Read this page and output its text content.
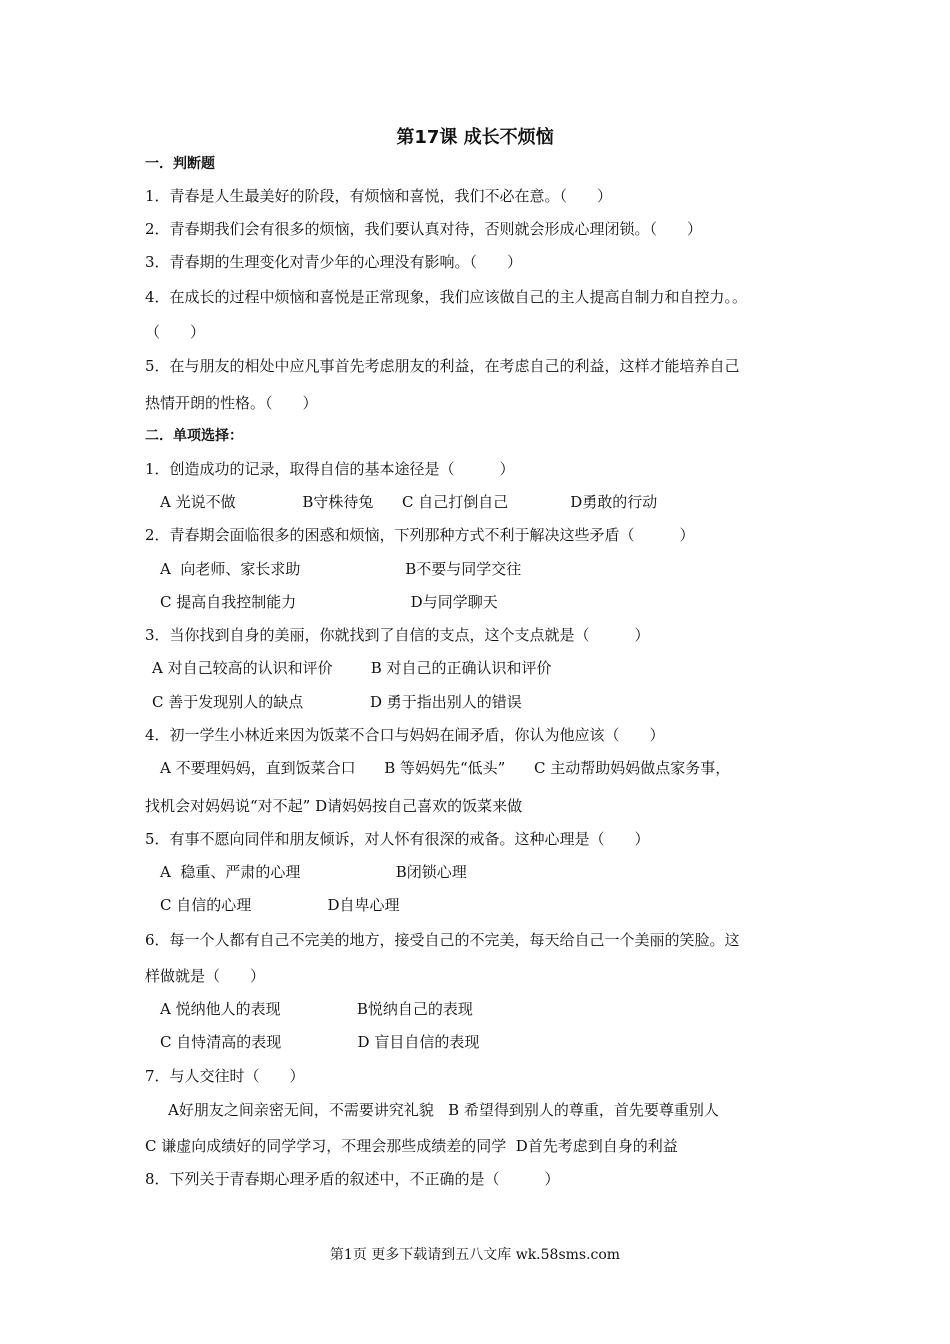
第17课 成长不烦恼
一．判断题
1．青春是人生最美好的阶段，有烦恼和喜悦，我们不必在意。（　　）
2．青春期我们会有很多的烦恼，我们要认真对待，否则就会形成心理闭锁。（　　）
3．青春期的生理变化对青少年的心理没有影响。（　　）
4．在成长的过程中烦恼和喜悦是正常现象，我们应该做自己的主人提高自制力和自控力。。
（　　）
5．在与朋友的相处中应凡事首先考虑朋友的利益，在考虑自己的利益，这样才能培养自己
热情开朗的性格。（　　）
二．单项选择：
1．创造成功的记录，取得自信的基本途径是（　　　）
A 光说不做              B守株待兔      C 自己打倒自己             D勇敢的行动
2．青春期会面临很多的困惑和烦恼，下列那种方式不利于解决这些矛盾（　　　）
A  向老师、家长求助                      B不要与同学交往
C 提高自我控制能力                        D与同学聊天
3．当你找到自身的美丽，你就找到了自信的支点，这个支点就是（　　　）
A 对自己较高的认识和评价        B 对自己的正确认识和评价
C 善于发现别人的缺点              D 勇于指出别人的错误
4．初一学生小林近来因为饭菜不合口与妈妈在闹矛盾，你认为他应该（　　）
A 不要理妈妈，直到饭菜合口      B 等妈妈先“低头”      C 主动帮助妈妈做点家务事，
找机会对妈妈说“对不起” D请妈妈按自己喜欢的饭菜来做
5．有事不愿向同伴和朋友倾诉，对人怀有很深的戒备。这种心理是（　　）
A  稳重、严肃的心理                    B闭锁心理
C 自信的心理                D自卑心理
6．每一个人都有自己不完美的地方，接受自己的不完美，每天给自己一个美丽的笑脸。这
样做就是（　　）
A 悦纳他人的表现                B悦纳自己的表现
C 自恃清高的表现                D 盲目自信的表现
7．与人交往时（　　）
A好朋友之间亲密无间，不需要讲究礼貌   B 希望得到别人的尊重，首先要尊重别人
C 谦虚向成绩好的同学学习，不理会那些成绩差的同学  D首先考虑到自身的利益
8．下列关于青春期心理矛盾的叙述中，不正确的是（　　　）
第1页 更多下载请到五八文库 wk.58sms.com
